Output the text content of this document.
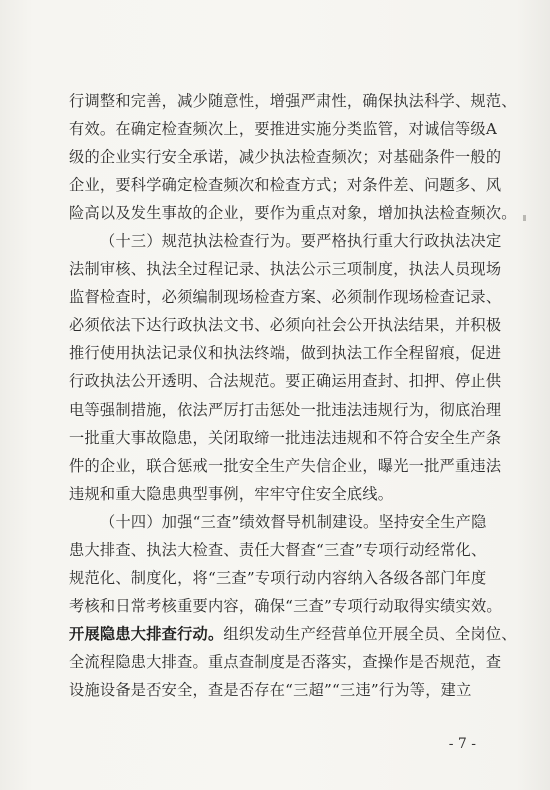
行调整和完善，减少随意性，增强严肃性，确保执法科学、规范、
有效。在确定检查频次上，要推进实施分类监管，对诚信等级A
级的企业实行安全承诺，减少执法检查频次；对基础条件一般的
企业，要科学确定检查频次和检查方式；对条件差、问题多、风
险高以及发生事故的企业，要作为重点对象，增加执法检查频次。
（十三）规范执法检查行为。要严格执行重大行政执法决定
法制审核、执法全过程记录、执法公示三项制度，执法人员现场
监督检查时，必须编制现场检查方案、必须制作现场检查记录、
必须依法下达行政执法文书、必须向社会公开执法结果，并积极
推行使用执法记录仪和执法终端，做到执法工作全程留痕，促进
行政执法公开透明、合法规范。要正确运用查封、扣押、停止供
电等强制措施，依法严厉打击惩处一批违法违规行为，彻底治理
一批重大事故隐患，关闭取缔一批违法违规和不符合安全生产条
件的企业，联合惩戒一批安全生产失信企业，曝光一批严重违法
违规和重大隐患典型事例，牢牢守住安全底线。
（十四）加强“三查”绩效督导机制建设。坚持安全生产隐
患大排查、执法大检查、责任大督查“三查”专项行动经常化、
规范化、制度化，将“三查”专项行动内容纳入各级各部门年度
考核和日常考核重要内容，确保“三查”专项行动取得实绩实效。
开展隐患大排查行动。组织发动生产经营单位开展全员、全岗位、
全流程隐患大排查。重点查制度是否落实，查操作是否规范，查
设施设备是否安全，查是否存在“三超”“三违”行为等，建立
- 7 -
